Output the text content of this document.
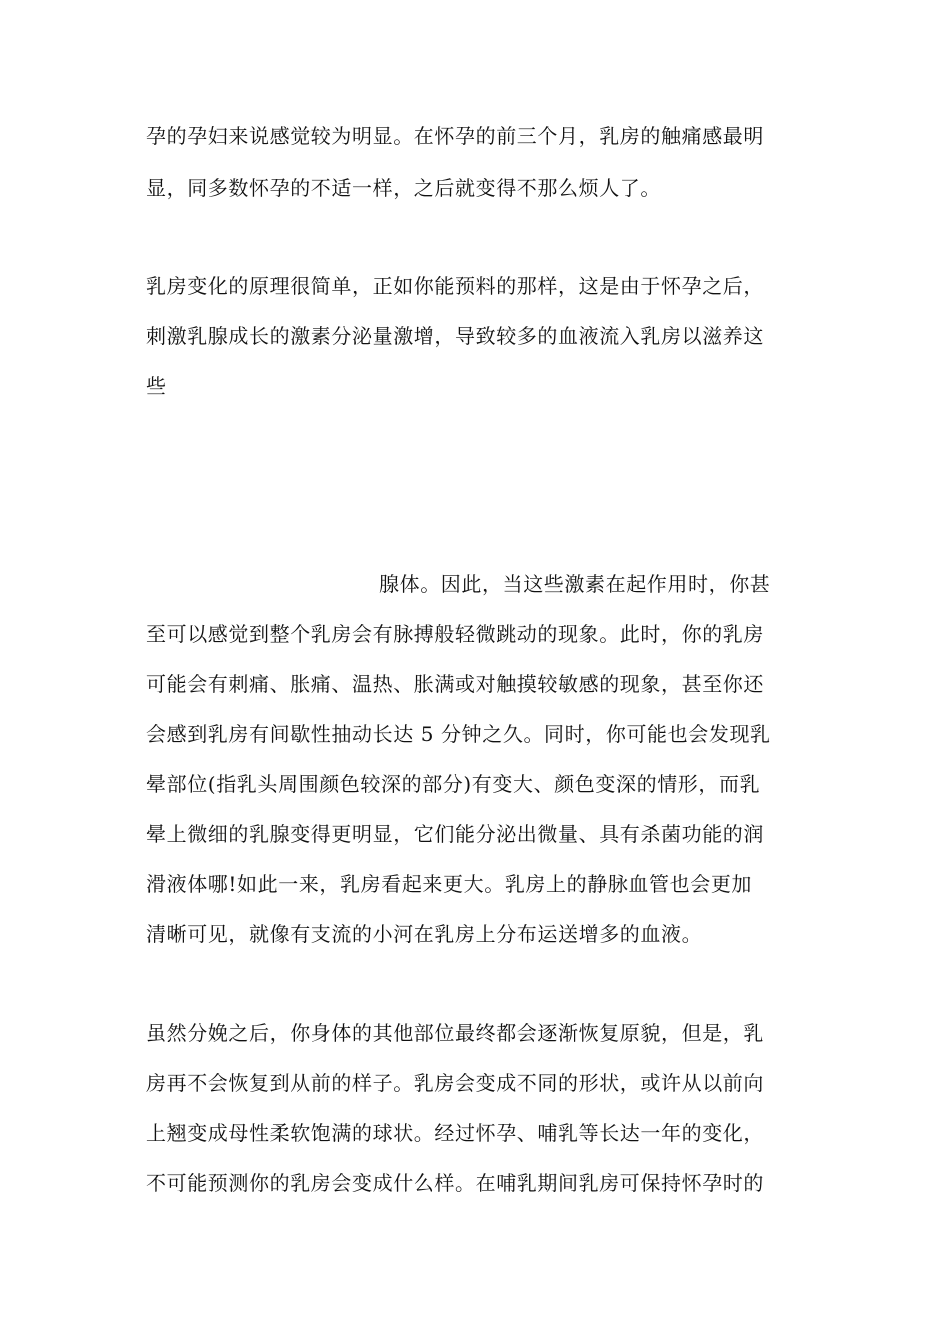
孕的孕妇来说感觉较为明显。在怀孕的前三个月，乳房的触痛感最明
显，同多数怀孕的不适一样，之后就变得不那么烦人了。
乳房变化的原理很简单，正如你能预料的那样，这是由于怀孕之后，
刺激乳腺成长的激素分泌量激增，导致较多的血液流入乳房以滋养这
些
腺体。因此，当这些激素在起作用时，你甚
至可以感觉到整个乳房会有脉搏般轻微跳动的现象。此时，你的乳房
可能会有刺痛、胀痛、温热、胀满或对触摸较敏感的现象，甚至你还
会感到乳房有间歇性抽动长达 5 分钟之久。同时，你可能也会发现乳
晕部位(指乳头周围颜色较深的部分)有变大、颜色变深的情形，而乳
晕上微细的乳腺变得更明显，它们能分泌出微量、具有杀菌功能的润
滑液体哪!如此一来，乳房看起来更大。乳房上的静脉血管也会更加
清晰可见，就像有支流的小河在乳房上分布运送增多的血液。
虽然分娩之后，你身体的其他部位最终都会逐渐恢复原貌，但是，乳
房再不会恢复到从前的样子。乳房会变成不同的形状，或许从以前向
上翘变成母性柔软饱满的球状。经过怀孕、哺乳等长达一年的变化，
不可能预测你的乳房会变成什么样。在哺乳期间乳房可保持怀孕时的
